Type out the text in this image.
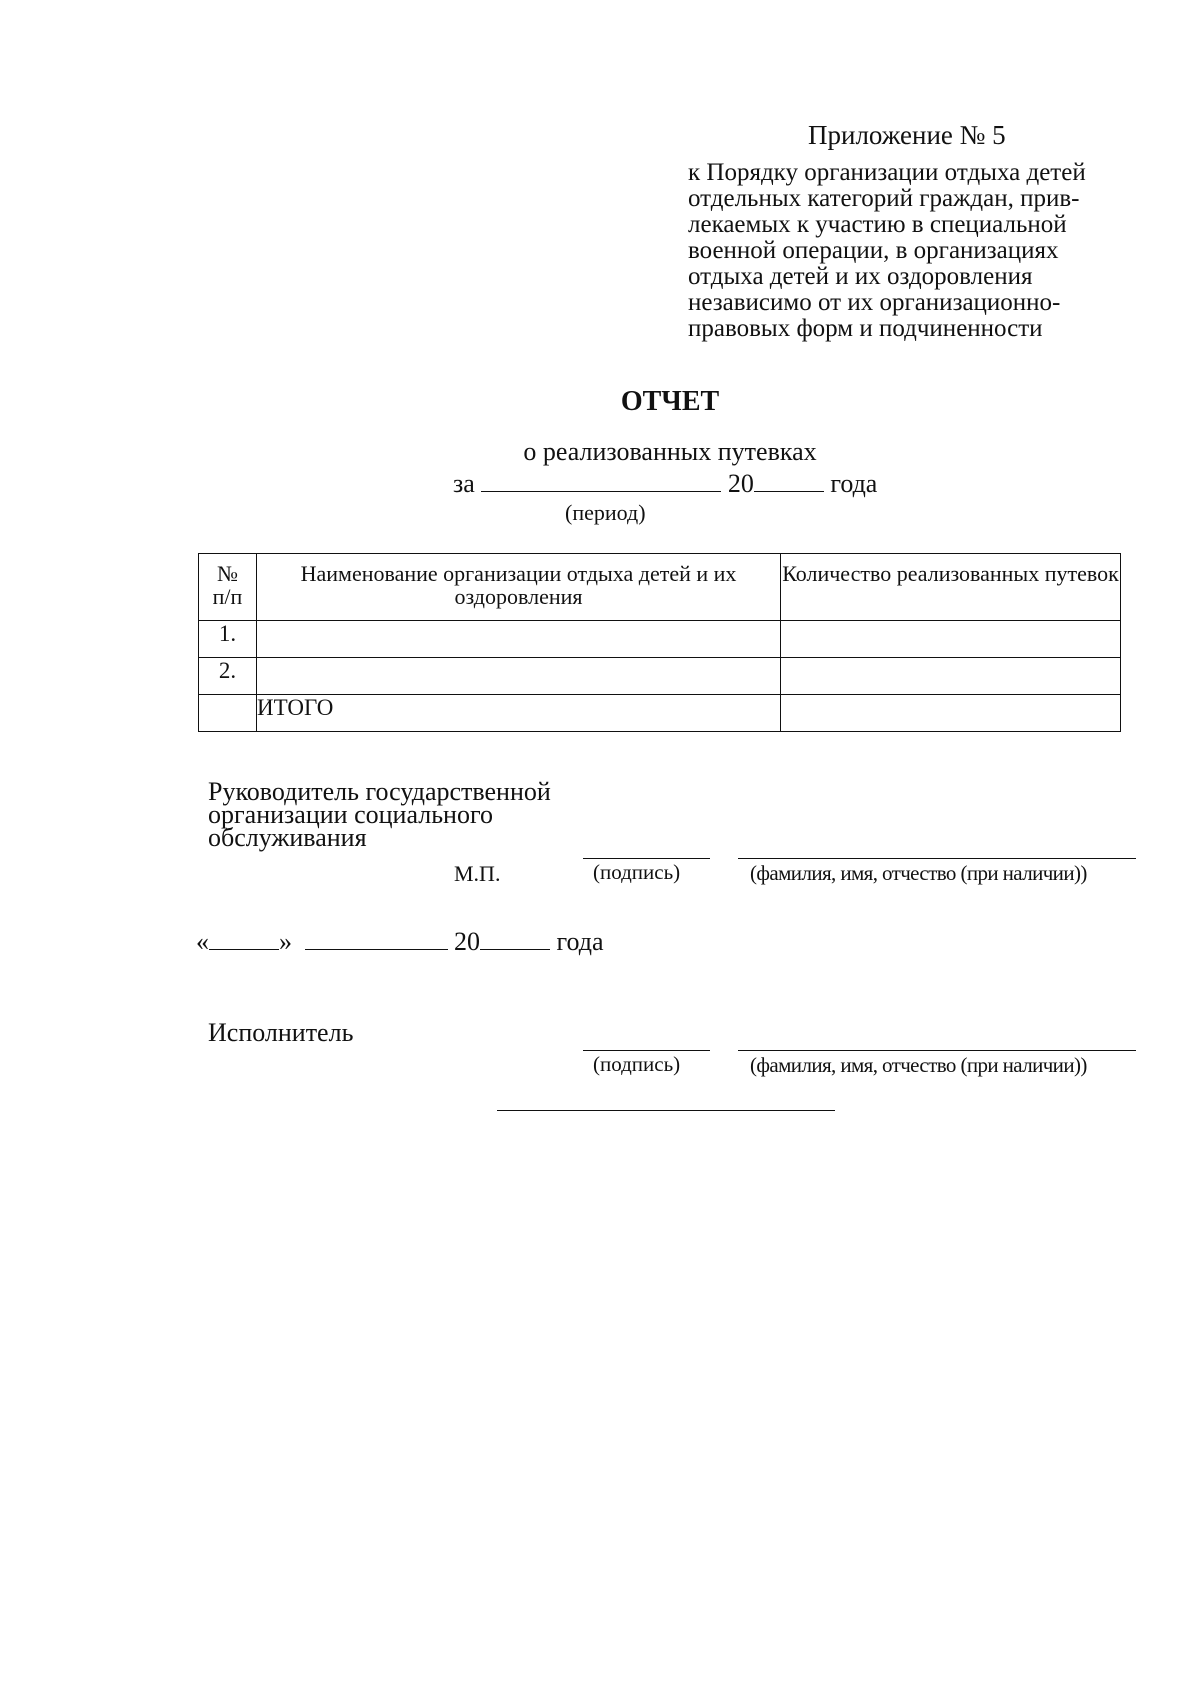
Приложение № 5
к Порядку организации отдыха детей
отдельных категорий граждан, прив-
лекаемых к участию в специальной
военной операции, в организациях
отдыха детей и их оздоровления
независимо от их организационно-
правовых форм и подчиненности
ОТЧЕТ
о реализованных путевках
за	20	года
(период)
№
п/п	Наименование организации отдыха детей и их оздоровления	Количество реализованных путевок
1.		
2.		
	ИТОГО	
Руководитель государственной
организации социального
обслуживания
М.П.	(подпись)	(фамилия, имя, отчество (при наличии))
«	»	20	года
Исполнитель
(подпись)	(фамилия, имя, отчество (при наличии))
